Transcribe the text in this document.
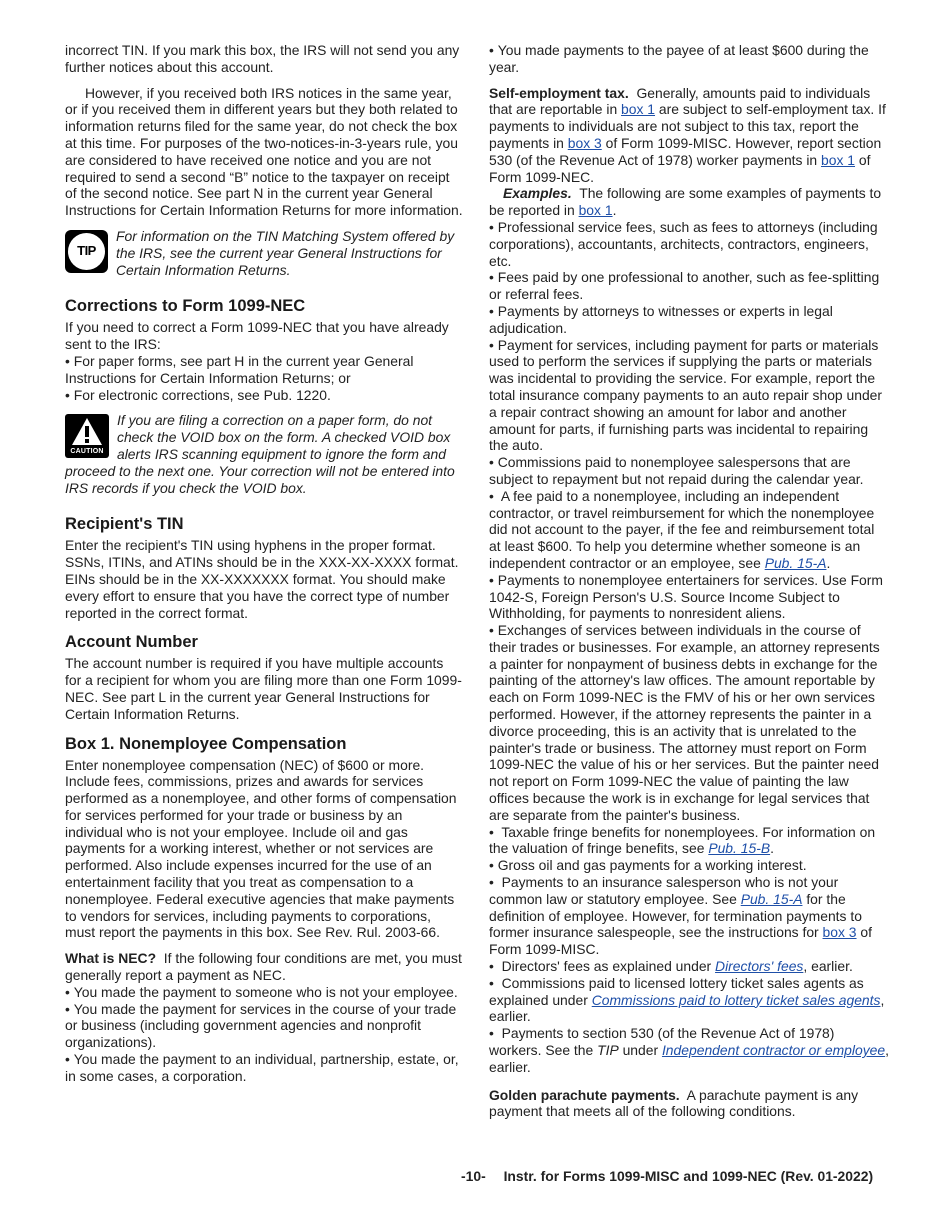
incorrect TIN. If you mark this box, the IRS will not send you any further notices about this account.

However, if you received both IRS notices in the same year, or if you received them in different years but they both related to information returns filed for the same year, do not check the box at this time. For purposes of the two-notices-in-3-years rule, you are considered to have received one notice and you are not required to send a second “B” notice to the taxpayer on receipt of the second notice. See part N in the current year General Instructions for Certain Information Returns for more information.

TIP

For information on the TIN Matching System offered by the IRS, see the current year General Instructions for Certain Information Returns.

Corrections to Form 1099-NEC

If you need to correct a Form 1099-NEC that you have already sent to the IRS:

• For paper forms, see part H in the current year General Instructions for Certain Information Returns; or

• For electronic corrections, see Pub. 1220.

CAUTION

If you are filing a correction on a paper form, do not check the VOID box on the form. A checked VOID box alerts IRS scanning equipment to ignore the form and proceed to the next one. Your correction will not be entered into IRS records if you check the VOID box.

Recipient's TIN

Enter the recipient's TIN using hyphens in the proper format. SSNs, ITINs, and ATINs should be in the XXX-XX-XXXX format. EINs should be in the XX-XXXXXXX format. You should make every effort to ensure that you have the correct type of number reported in the correct format.

Account Number

The account number is required if you have multiple accounts for a recipient for whom you are filing more than one Form 1099-NEC. See part L in the current year General Instructions for Certain Information Returns.

Box 1. Nonemployee Compensation

Enter nonemployee compensation (NEC) of $600 or more. Include fees, commissions, prizes and awards for services performed as a nonemployee, and other forms of compensation for services performed for your trade or business by an individual who is not your employee. Include oil and gas payments for a working interest, whether or not services are performed. Also include expenses incurred for the use of an entertainment facility that you treat as compensation to a nonemployee. Federal executive agencies that make payments to vendors for services, including payments to corporations, must report the payments in this box. See Rev. Rul. 2003-66.

What is NEC? If the following four conditions are met, you must generally report a payment as NEC.

• You made the payment to someone who is not your employee.

• You made the payment for services in the course of your trade or business (including government agencies and nonprofit organizations).

• You made the payment to an individual, partnership, estate, or, in some cases, a corporation.

• You made payments to the payee of at least $600 during the year.

Self-employment tax. Generally, amounts paid to individuals that are reportable in box 1 are subject to self-employment tax. If payments to individuals are not subject to this tax, report the payments in box 3 of Form 1099-MISC. However, report section 530 (of the Revenue Act of 1978) worker payments in box 1 of Form 1099-NEC.

Examples. The following are some examples of payments to be reported in box 1.

• Professional service fees, such as fees to attorneys (including corporations), accountants, architects, contractors, engineers, etc.

• Fees paid by one professional to another, such as fee-splitting or referral fees.

• Payments by attorneys to witnesses or experts in legal adjudication.

• Payment for services, including payment for parts or materials used to perform the services if supplying the parts or materials was incidental to providing the service. For example, report the total insurance company payments to an auto repair shop under a repair contract showing an amount for labor and another amount for parts, if furnishing parts was incidental to repairing the auto.

• Commissions paid to nonemployee salespersons that are subject to repayment but not repaid during the calendar year.

• A fee paid to a nonemployee, including an independent contractor, or travel reimbursement for which the nonemployee did not account to the payer, if the fee and reimbursement total at least $600. To help you determine whether someone is an independent contractor or an employee, see Pub. 15-A.

• Payments to nonemployee entertainers for services. Use Form 1042-S, Foreign Person's U.S. Source Income Subject to Withholding, for payments to nonresident aliens.

• Exchanges of services between individuals in the course of their trades or businesses. For example, an attorney represents a painter for nonpayment of business debts in exchange for the painting of the attorney's law offices. The amount reportable by each on Form 1099-NEC is the FMV of his or her own services performed. However, if the attorney represents the painter in a divorce proceeding, this is an activity that is unrelated to the painter's trade or business. The attorney must report on Form 1099-NEC the value of his or her services. But the painter need not report on Form 1099-NEC the value of painting the law offices because the work is in exchange for legal services that are separate from the painter's business.

• Taxable fringe benefits for nonemployees. For information on the valuation of fringe benefits, see Pub. 15-B.

• Gross oil and gas payments for a working interest.

• Payments to an insurance salesperson who is not your common law or statutory employee. See Pub. 15-A for the definition of employee. However, for termination payments to former insurance salespeople, see the instructions for box 3 of Form 1099-MISC.

• Directors' fees as explained under Directors' fees, earlier.

• Commissions paid to licensed lottery ticket sales agents as explained under Commissions paid to lottery ticket sales agents, earlier.

• Payments to section 530 (of the Revenue Act of 1978) workers. See the TIP under Independent contractor or employee, earlier.

Golden parachute payments. A parachute payment is any payment that meets all of the following conditions.

-10- Instr. for Forms 1099-MISC and 1099-NEC (Rev. 01-2022)
